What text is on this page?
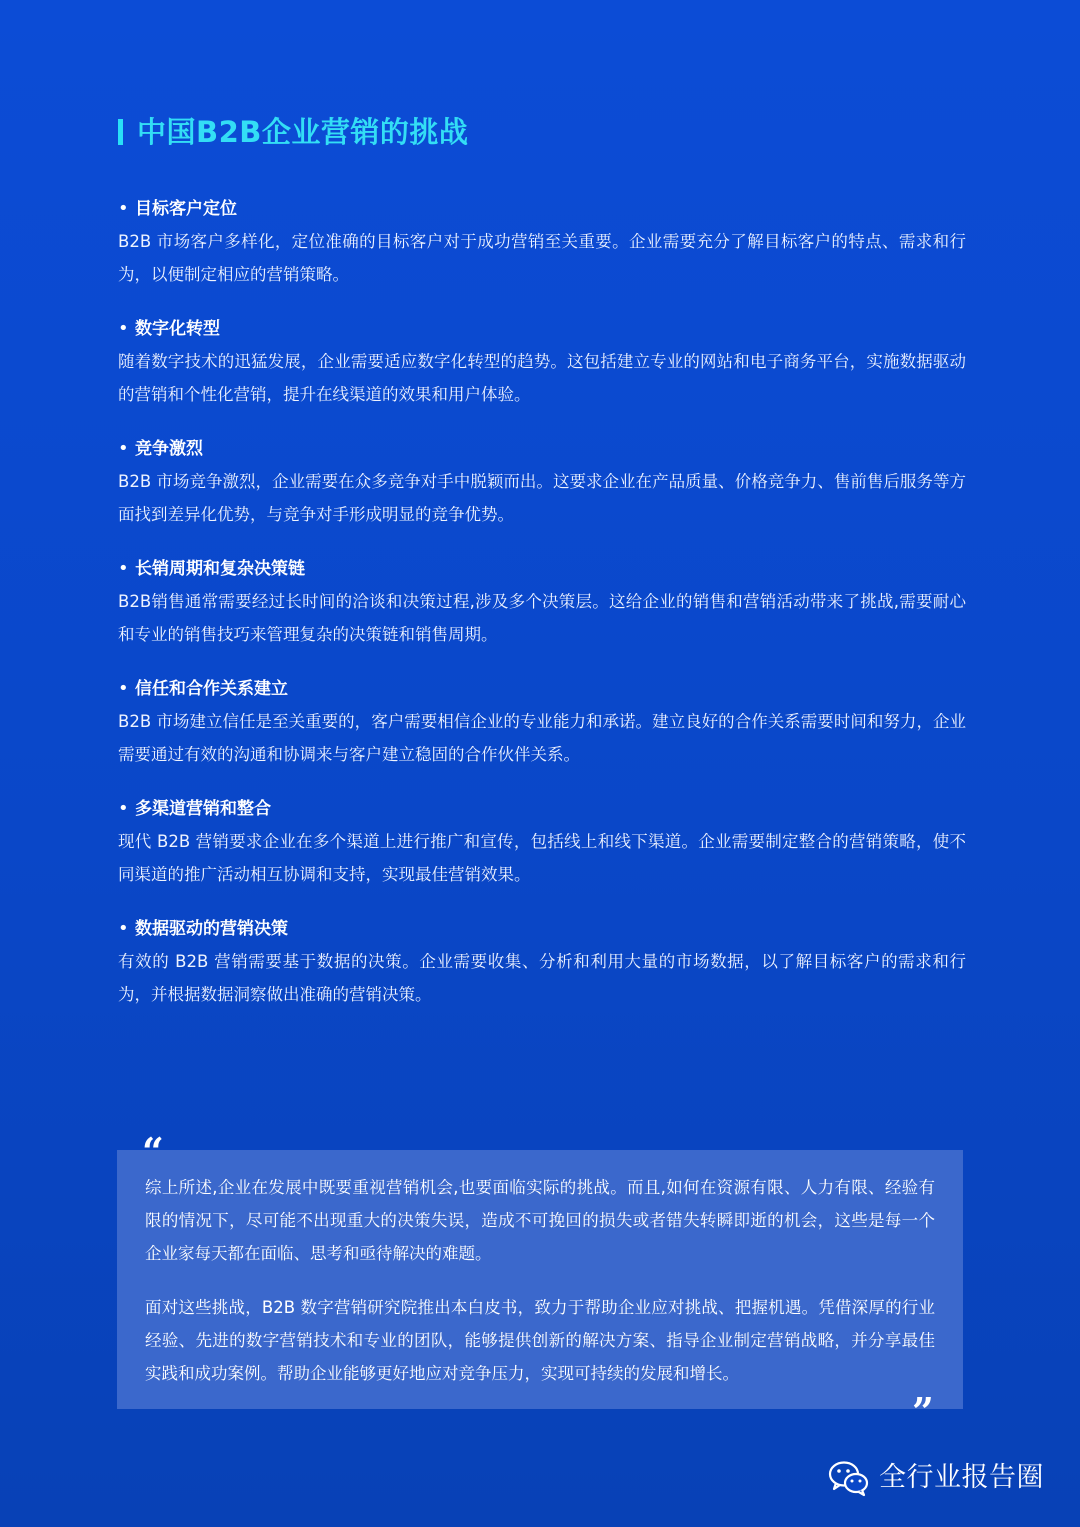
中国B2B企业营销的挑战
• 目标客户定位
B2B 市场客户多样化，定位准确的目标客户对于成功营销至关重要。企业需要充分了解目标客户的特点、需求和行为，以便制定相应的营销策略。
• 数字化转型
随着数字技术的迅猛发展，企业需要适应数字化转型的趋势。这包括建立专业的网站和电子商务平台，实施数据驱动的营销和个性化营销，提升在线渠道的效果和用户体验。
• 竞争激烈
B2B 市场竞争激烈，企业需要在众多竞争对手中脱颖而出。这要求企业在产品质量、价格竞争力、售前售后服务等方面找到差异化优势，与竞争对手形成明显的竞争优势。
• 长销周期和复杂决策链
B2B销售通常需要经过长时间的洽谈和决策过程,涉及多个决策层。这给企业的销售和营销活动带来了挑战,需要耐心和专业的销售技巧来管理复杂的决策链和销售周期。
• 信任和合作关系建立
B2B 市场建立信任是至关重要的，客户需要相信企业的专业能力和承诺。建立良好的合作关系需要时间和努力，企业需要通过有效的沟通和协调来与客户建立稳固的合作伙伴关系。
• 多渠道营销和整合
现代 B2B 营销要求企业在多个渠道上进行推广和宣传，包括线上和线下渠道。企业需要制定整合的营销策略，使不同渠道的推广活动相互协调和支持，实现最佳营销效果。
• 数据驱动的营销决策
有效的 B2B 营销需要基于数据的决策。企业需要收集、分析和利用大量的市场数据，以了解目标客户的需求和行为，并根据数据洞察做出准确的营销决策。

综上所述,企业在发展中既要重视营销机会,也要面临实际的挑战。而且,如何在资源有限、人力有限、经验有限的情况下，尽可能不出现重大的决策失误，造成不可挽回的损失或者错失转瞬即逝的机会，这些是每一个企业家每天都在面临、思考和亟待解决的难题。

面对这些挑战，B2B 数字营销研究院推出本白皮书，致力于帮助企业应对挑战、把握机遇。凭借深厚的行业经验、先进的数字营销技术和专业的团队，能够提供创新的解决方案、指导企业制定营销战略，并分享最佳实践和成功案例。帮助企业能够更好地应对竞争压力，实现可持续的发展和增长。

“
”
全行业报告圈
